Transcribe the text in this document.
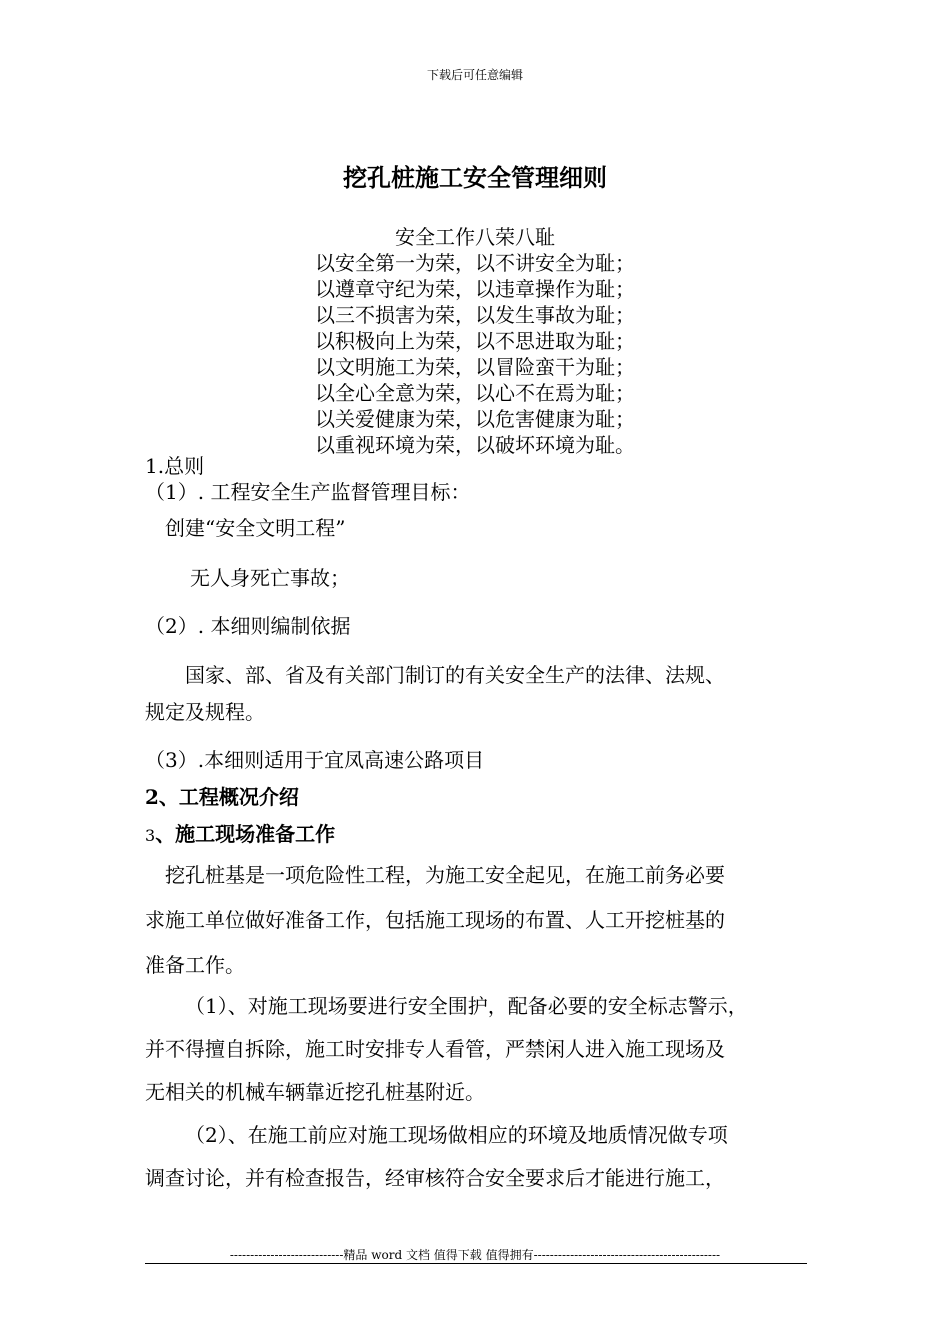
下载后可任意编辑
挖孔桩施工安全管理细则
安全工作八荣八耻
以安全第一为荣，以不讲安全为耻；
以遵章守纪为荣，以违章操作为耻；
以三不损害为荣，以发生事故为耻；
以积极向上为荣，以不思进取为耻；
以文明施工为荣，以冒险蛮干为耻；
以全心全意为荣，以心不在焉为耻；
以关爱健康为荣，以危害健康为耻；
以重视环境为荣，以破坏环境为耻。
1.总则
（1）. 工程安全生产监督管理目标：
创建“安全文明工程”
无人身死亡事故；
（2）. 本细则编制依据
国家、部、省及有关部门制订的有关安全生产的法律、法规、
规定及规程。
（3）.本细则适用于宜凤高速公路项目
2、工程概况介绍
3、施工现场准备工作
挖孔桩基是一项危险性工程，为施工安全起见，在施工前务必要
求施工单位做好准备工作，包括施工现场的布置、人工开挖桩基的
准备工作。
（1）、对施工现场要进行安全围护，配备必要的安全标志警示，
并不得擅自拆除，施工时安排专人看管，严禁闲人进入施工现场及
无相关的机械车辆靠近挖孔桩基附近。
（2）、在施工前应对施工现场做相应的环境及地质情况做专项
调查讨论，并有检查报告，经审核符合安全要求后才能进行施工，
----------------------------精品 word 文档 值得下载 值得拥有----------------------------------------------
